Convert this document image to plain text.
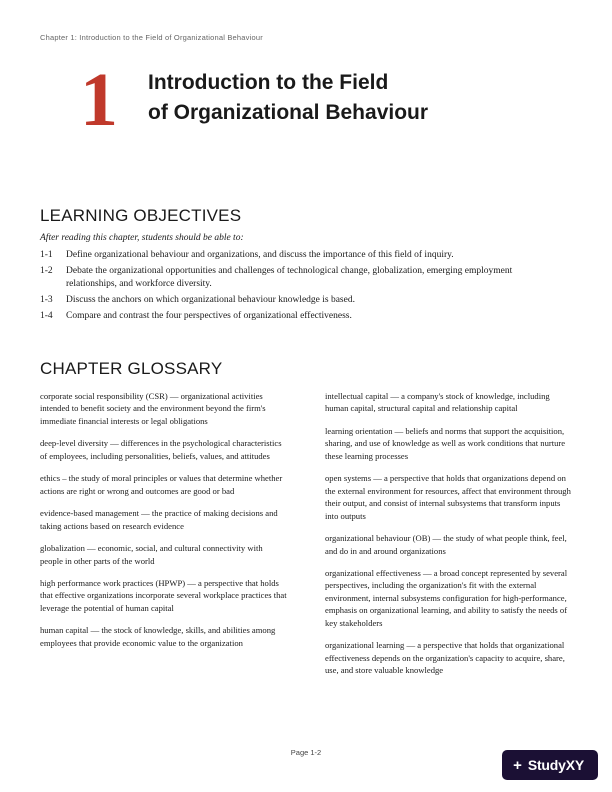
Chapter 1: Introduction to the Field of Organizational Behaviour
1 Introduction to the Field
of Organizational Behaviour
LEARNING OBJECTIVES
After reading this chapter, students should be able to:
1-1	Define organizational behaviour and organizations, and discuss the importance of this field of inquiry.
1-2	Debate the organizational opportunities and challenges of technological change, globalization, emerging employment relationships, and workforce diversity.
1-3	Discuss the anchors on which organizational behaviour knowledge is based.
1-4	Compare and contrast the four perspectives of organizational effectiveness.
CHAPTER GLOSSARY
corporate social responsibility (CSR) — organizational activities intended to benefit society and the environment beyond the firm's immediate financial interests or legal obligations
deep-level diversity — differences in the psychological characteristics of employees, including personalities, beliefs, values, and attitudes
ethics – the study of moral principles or values that determine whether actions are right or wrong and outcomes are good or bad
evidence-based management — the practice of making decisions and taking actions based on research evidence
globalization — economic, social, and cultural connectivity with people in other parts of the world
high performance work practices (HPWP) — a perspective that holds that effective organizations incorporate several workplace practices that leverage the potential of human capital
human capital — the stock of knowledge, skills, and abilities among employees that provide economic value to the organization
intellectual capital — a company's stock of knowledge, including human capital, structural capital and relationship capital
learning orientation — beliefs and norms that support the acquisition, sharing, and use of knowledge as well as work conditions that nurture these learning processes
open systems — a perspective that holds that organizations depend on the external environment for resources, affect that environment through their output, and consist of internal subsystems that transform inputs into outputs
organizational behaviour (OB) — the study of what people think, feel, and do in and around organizations
organizational effectiveness — a broad concept represented by several perspectives, including the organization's fit with the external environment, internal subsystems configuration for high-performance, emphasis on organizational learning, and ability to satisfy the needs of key stakeholders
organizational learning — a perspective that holds that organizational effectiveness depends on the organization's capacity to acquire, share, use, and store valuable knowledge
Page 1-2
+ StudyXY
